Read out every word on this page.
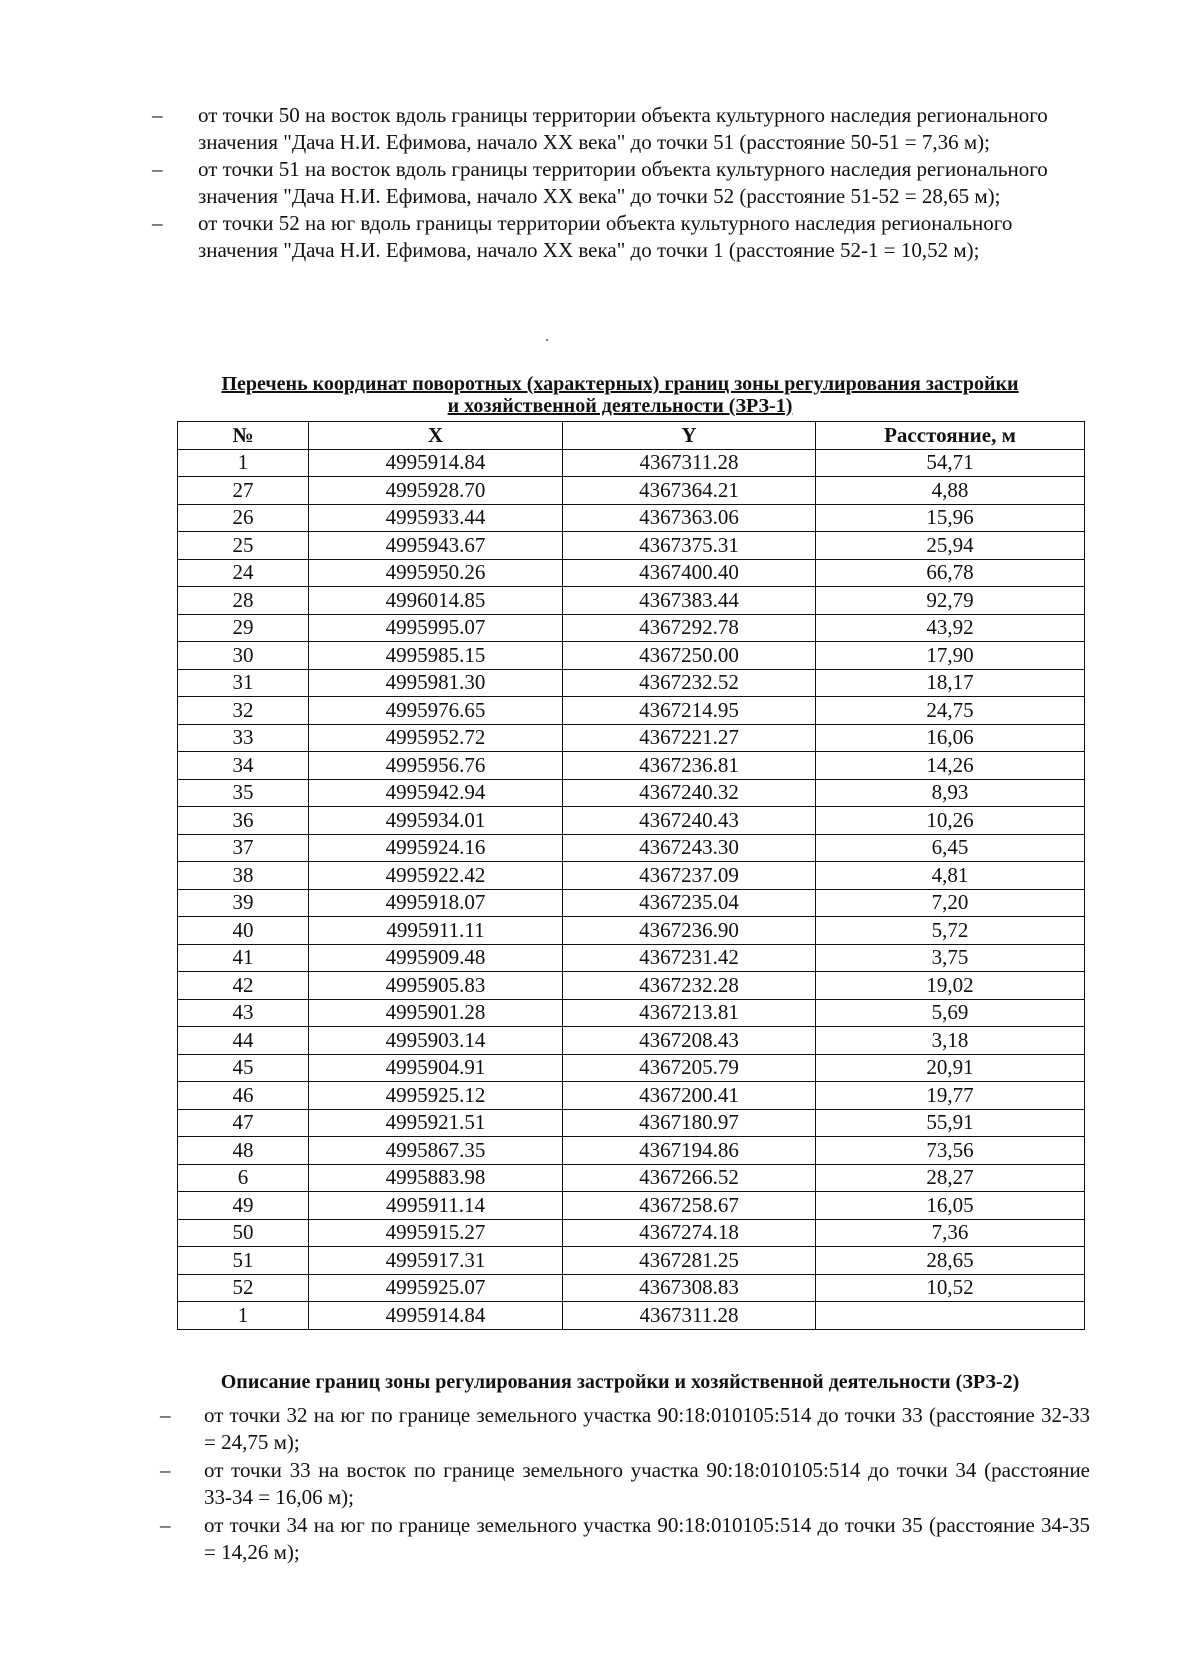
– от точки 50 на восток вдоль границы территории объекта культурного наследия регионального значения "Дача Н.И. Ефимова, начало XX века" до точки 51 (расстояние 50-51 = 7,36 м);
– от точки 51 на восток вдоль границы территории объекта культурного наследия регионального значения "Дача Н.И. Ефимова, начало XX века" до точки 52 (расстояние 51-52 = 28,65 м);
– от точки 52 на юг вдоль границы территории объекта культурного наследия регионального значения "Дача Н.И. Ефимова, начало XX века" до точки 1 (расстояние 52-1 = 10,52 м);
Перечень координат поворотных (характерных) границ зоны регулирования застройки
и хозяйственной деятельности (ЗРЗ-1)
№	X	Y	Расстояние, м
1	4995914.84	4367311.28	54,71
27	4995928.70	4367364.21	4,88
26	4995933.44	4367363.06	15,96
25	4995943.67	4367375.31	25,94
24	4995950.26	4367400.40	66,78
28	4996014.85	4367383.44	92,79
29	4995995.07	4367292.78	43,92
30	4995985.15	4367250.00	17,90
31	4995981.30	4367232.52	18,17
32	4995976.65	4367214.95	24,75
33	4995952.72	4367221.27	16,06
34	4995956.76	4367236.81	14,26
35	4995942.94	4367240.32	8,93
36	4995934.01	4367240.43	10,26
37	4995924.16	4367243.30	6,45
38	4995922.42	4367237.09	4,81
39	4995918.07	4367235.04	7,20
40	4995911.11	4367236.90	5,72
41	4995909.48	4367231.42	3,75
42	4995905.83	4367232.28	19,02
43	4995901.28	4367213.81	5,69
44	4995903.14	4367208.43	3,18
45	4995904.91	4367205.79	20,91
46	4995925.12	4367200.41	19,77
47	4995921.51	4367180.97	55,91
48	4995867.35	4367194.86	73,56
6	4995883.98	4367266.52	28,27
49	4995911.14	4367258.67	16,05
50	4995915.27	4367274.18	7,36
51	4995917.31	4367281.25	28,65
52	4995925.07	4367308.83	10,52
1	4995914.84	4367311.28	
Описание границ зоны регулирования застройки и хозяйственной деятельности (ЗРЗ-2)
– от точки 32 на юг по границе земельного участка 90:18:010105:514 до точки 33 (расстояние 32-33 = 24,75 м);
– от точки 33 на восток по границе земельного участка 90:18:010105:514 до точки 34 (расстояние 33-34 = 16,06 м);
– от точки 34 на юг по границе земельного участка 90:18:010105:514 до точки 35 (расстояние 34-35 = 14,26 м);
